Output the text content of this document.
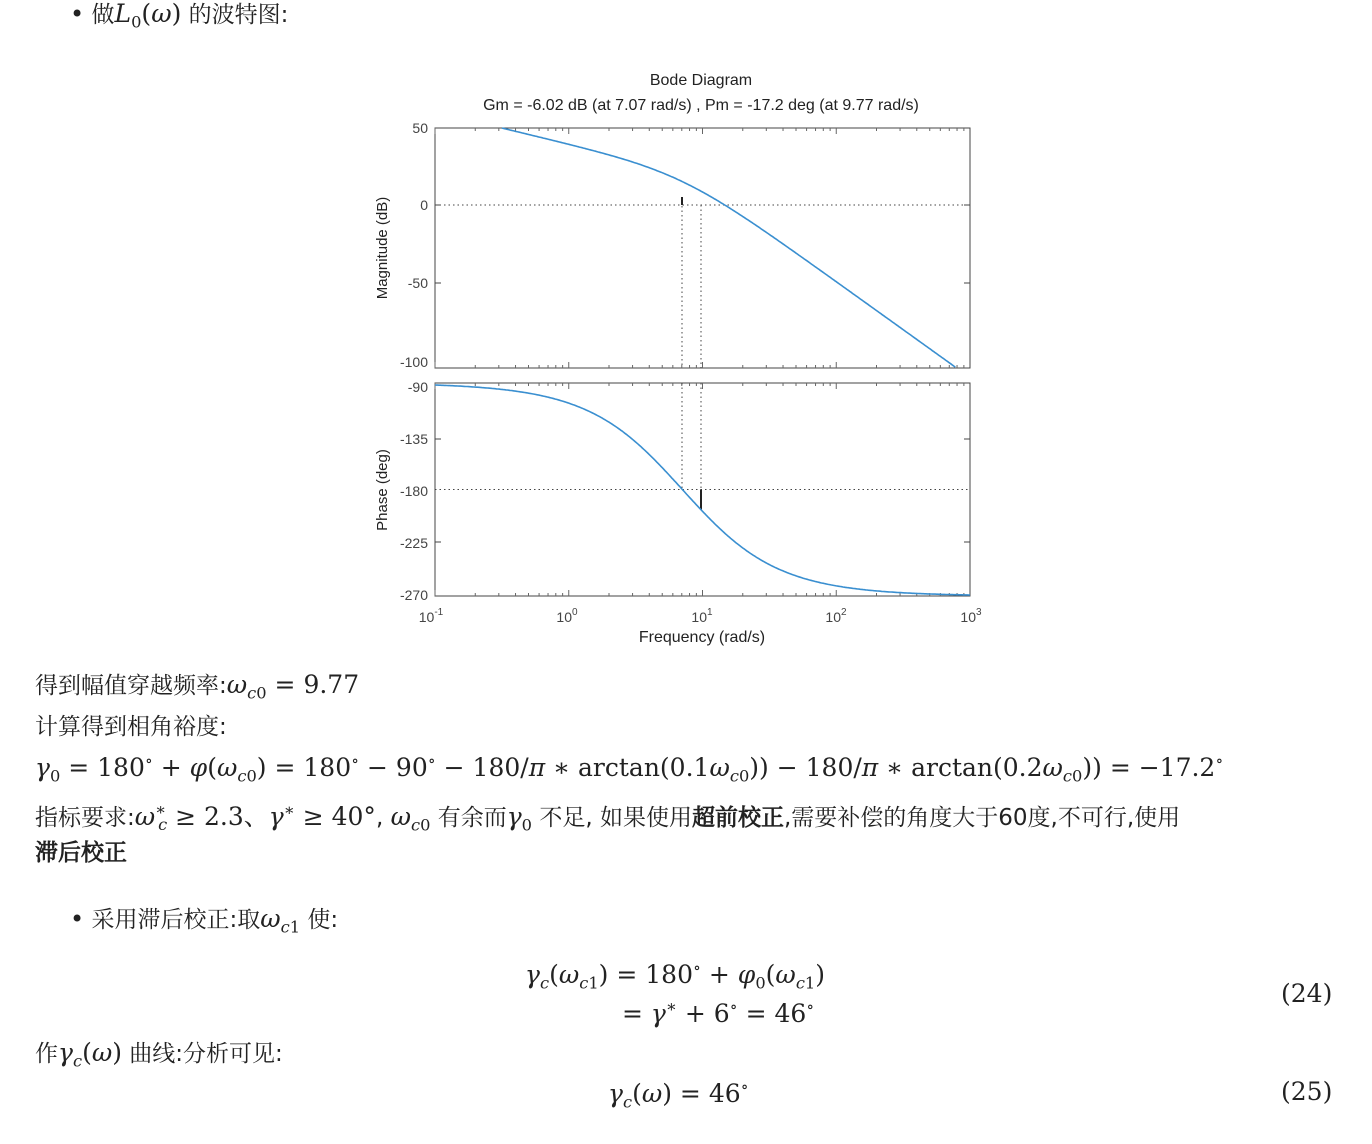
• 做$L_0(\omega)$ 的波特图:
Bode Diagram
Gm = -6.02 dB (at 7.07 rad/s) , Pm = -17.2 deg (at 9.77 rad/s)
50
0
-50
-100
-90
-135
-180
-225
-270
Magnitude (dB)
Phase (deg)
$10^{-1}$	$10^0$	$10^1$	$10^2$	$10^3$
Frequency (rad/s)
得到幅值穿越频率$:\omega_{c0} = 9.77$
计算得到相角裕度:
$\gamma_0 = 180^\circ + \varphi(\omega_{c0}) = 180^\circ - 90^\circ - 180/\pi$ ∗ $\arctan(0.1\omega_{c0})) - 180/\pi$ ∗ $\arctan(0.2\omega_{c0})) = -17.2^\circ$
指标要求$:\omega^∗_c \ge 2.3$、γ∗ ≥ 40°, $\omega_{c0}$ 有余而$\gamma_0$ 不足, 如果使用超前校正,需要补偿的角度大于60度,不可行,使用
滞后校正
• 采用滞后校正:取$\omega_{c1}$ 使:
$\gamma_c(\omega_{c1}) = 180^\circ + \varphi_0(\omega_{c1})$
= γ∗ + 6∘ = 46∘	(24)
作$\gamma_c(\omega)$ 曲线:分析可见:
$\gamma_c(\omega) = 46^\circ$	(25)
